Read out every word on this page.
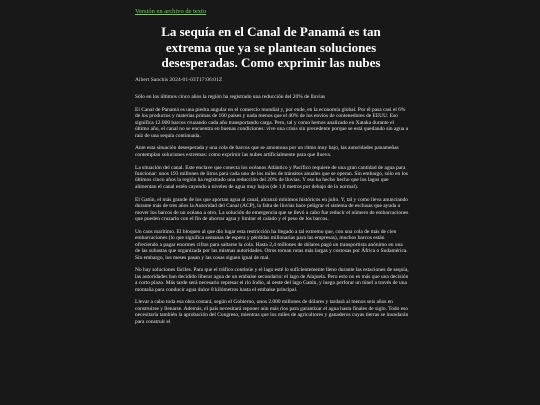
Versión en archivo de texto
La sequía en el Canal de Panamá es tan extrema que ya se plantean soluciones desesperadas. Como exprimir las nubes
Albert Sanchis 2024-01-03T17:06:01Z

Sólo en los últimos cinco años la región ha registrado una reducción del 20% de lluvias

El Canal de Panamá es una piedra angular en el comercio mundial y, por ende, en la economía global. Por él pasa casi el 6% de los productos y materias primas de 160 países y nada menos que el 40% de los envíos de contenedores de EEUU. Eso significa 12.000 barcos cruzando cada año transportando carga. Pero, tal y como hemos analizado en Xataka durante el último año, el canal no se encuentra en buenas condiciones: vive una crisis sin precedente porque se está quedando sin agua a raíz de una sequía continuada.

Ante esta situación desesperada y una cola de barcos que se amontona por un ritmo muy bajo, las autoridades panameñas contemplan soluciones extremas: como exprimir las nubes artificialmente para que llueva.

La situación del canal. Este enclave que conecta los océanos Atlántico y Pacífico requiere de una gran cantidad de agua para funcionar: unos 193 millones de litros para cada uno de los miles de tránsitos anuales que se operan. Sin embargo, sólo en los últimos cinco años la región ha registrado una reducción del 20% de lluvias. Y eso ha hecho hecho que los lagos que alimentan el canal estén cayendo a niveles de agua muy bajos (de 1,8 metros por debajo de lo normal).

El Gatún, el más grande de los que aportan agua al canal, alcanzó mínimos históricos en julio. Y, tal y como lleva anunciando durante más de tres años la Autoridad del Canal (ACP), la falta de lluvias hace peligrar el sistema de esclusas que ayuda a mover los barcos de un océano a otro. La solución de emergencia que se llevó a cabo fue reducir el número de embarcaciones que pueden cruzarlo con el fin de ahorrar agua y limitar el calado y el peso de los barcos.

Un caos marítimo. El bloqueo al que dio lugar esta restricción ha llegado a tal extremo que, con una cola de más de cien embarcaciones (lo que significa semanas de espera y pérdidas millonarias para las empresas), muchos barcos están ofreciendo a pagar enormes cifras para saltarse la cola. Hasta 2,4 millones de dólares pagó un transportista anónimo en una de las subastas que organizada por las mismas autoridades. Otros toman rutas más largas y costosas por África o Sudamérica. Sin embargo, los meses pasan y las cosas siguen igual de mal.

No hay soluciones fáciles. Para que el tráfico continúe y el lago esté lo suficientemente lleno durante las estaciones de sequía, las autoridades han decidido liberar agua de un embalse secundario: el lago de Alajuela. Pero esto no es más que una decisión a corto plazo. Más tarde será necesario represar el río Indio, al oeste del lago Gatún, y luego perforar un túnel a través de una montaña para conducir agua dulce 8 kilómetros hasta el embalse principal.

Llevar a cabo toda esa obra costará, según el Gobierno, unos 2.000 millones de dólares y tardará al menos seis años en construirse y llenarse. Además, el país necesitará reponer aún más ríos para garantizar el agua hasta finales de siglo. Todo eso necesitaría también la aprobación del Congreso, mientras que los miles de agricultores y ganaderos cuyas tierras se inundarán para construir el
